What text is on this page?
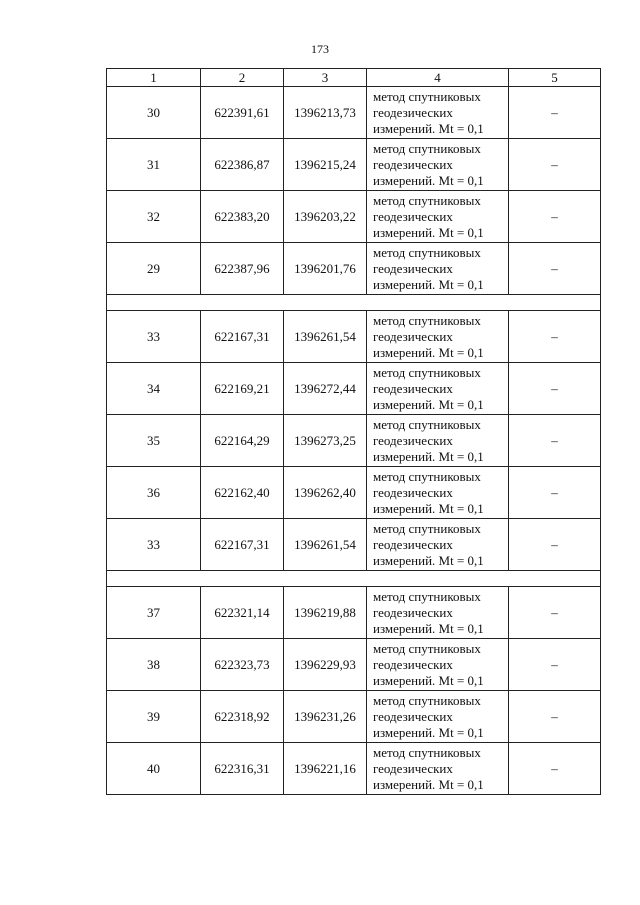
173
1	2	3	4	5
30	622391,61	1396213,73	метод спутниковых
геодезических
измерений. Mt = 0,1	–
31	622386,87	1396215,24	метод спутниковых
геодезических
измерений. Mt = 0,1	–
32	622383,20	1396203,22	метод спутниковых
геодезических
измерений. Mt = 0,1	–
29	622387,96	1396201,76	метод спутниковых
геодезических
измерений. Mt = 0,1	–

33	622167,31	1396261,54	метод спутниковых
геодезических
измерений. Mt = 0,1	–
34	622169,21	1396272,44	метод спутниковых
геодезических
измерений. Mt = 0,1	–
35	622164,29	1396273,25	метод спутниковых
геодезических
измерений. Mt = 0,1	–
36	622162,40	1396262,40	метод спутниковых
геодезических
измерений. Mt = 0,1	–
33	622167,31	1396261,54	метод спутниковых
геодезических
измерений. Mt = 0,1	–

37	622321,14	1396219,88	метод спутниковых
геодезических
измерений. Mt = 0,1	–
38	622323,73	1396229,93	метод спутниковых
геодезических
измерений. Mt = 0,1	–
39	622318,92	1396231,26	метод спутниковых
геодезических
измерений. Mt = 0,1	–
40	622316,31	1396221,16	метод спутниковых
геодезических
измерений. Mt = 0,1	–
